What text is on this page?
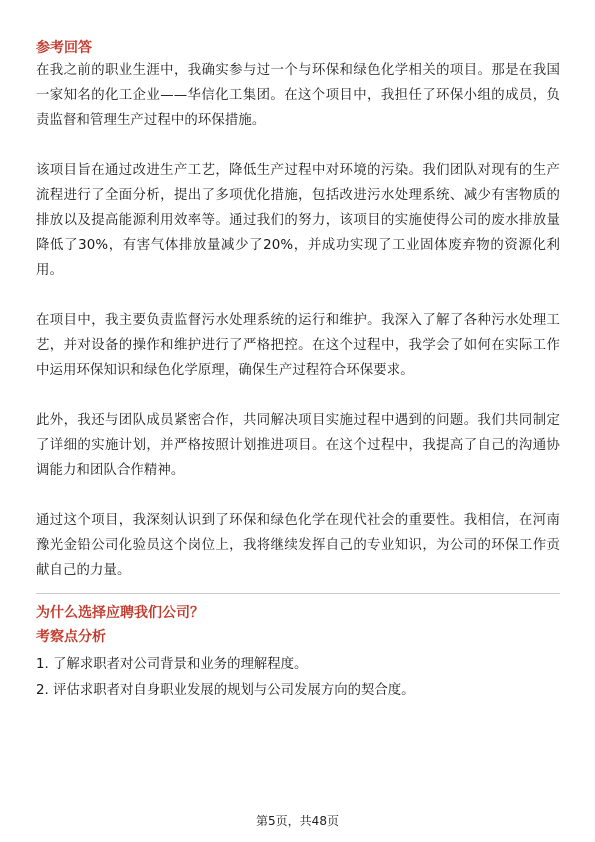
参考回答

在我之前的职业生涯中，我确实参与过一个与环保和绿色化学相关的项目。那是在我国一家知名的化工企业——华信化工集团。在这个项目中，我担任了环保小组的成员，负责监督和管理生产过程中的环保措施。

该项目旨在通过改进生产工艺，降低生产过程中对环境的污染。我们团队对现有的生产流程进行了全面分析，提出了多项优化措施，包括改进污水处理系统、减少有害物质的排放以及提高能源利用效率等。通过我们的努力，该项目的实施使得公司的废水排放量降低了30%，有害气体排放量减少了20%，并成功实现了工业固体废弃物的资源化利用。

在项目中，我主要负责监督污水处理系统的运行和维护。我深入了解了各种污水处理工艺，并对设备的操作和维护进行了严格把控。在这个过程中，我学会了如何在实际工作中运用环保知识和绿色化学原理，确保生产过程符合环保要求。

此外，我还与团队成员紧密合作，共同解决项目实施过程中遇到的问题。我们共同制定了详细的实施计划，并严格按照计划推进项目。在这个过程中，我提高了自己的沟通协调能力和团队合作精神。

通过这个项目，我深刻认识到了环保和绿色化学在现代社会的重要性。我相信，在河南豫光金铅公司化验员这个岗位上，我将继续发挥自己的专业知识，为公司的环保工作贡献自己的力量。

为什么选择应聘我们公司？

考察点分析

1. 了解求职者对公司背景和业务的理解程度。

2. 评估求职者对自身职业发展的规划与公司发展方向的契合度。

第5页，共48页
